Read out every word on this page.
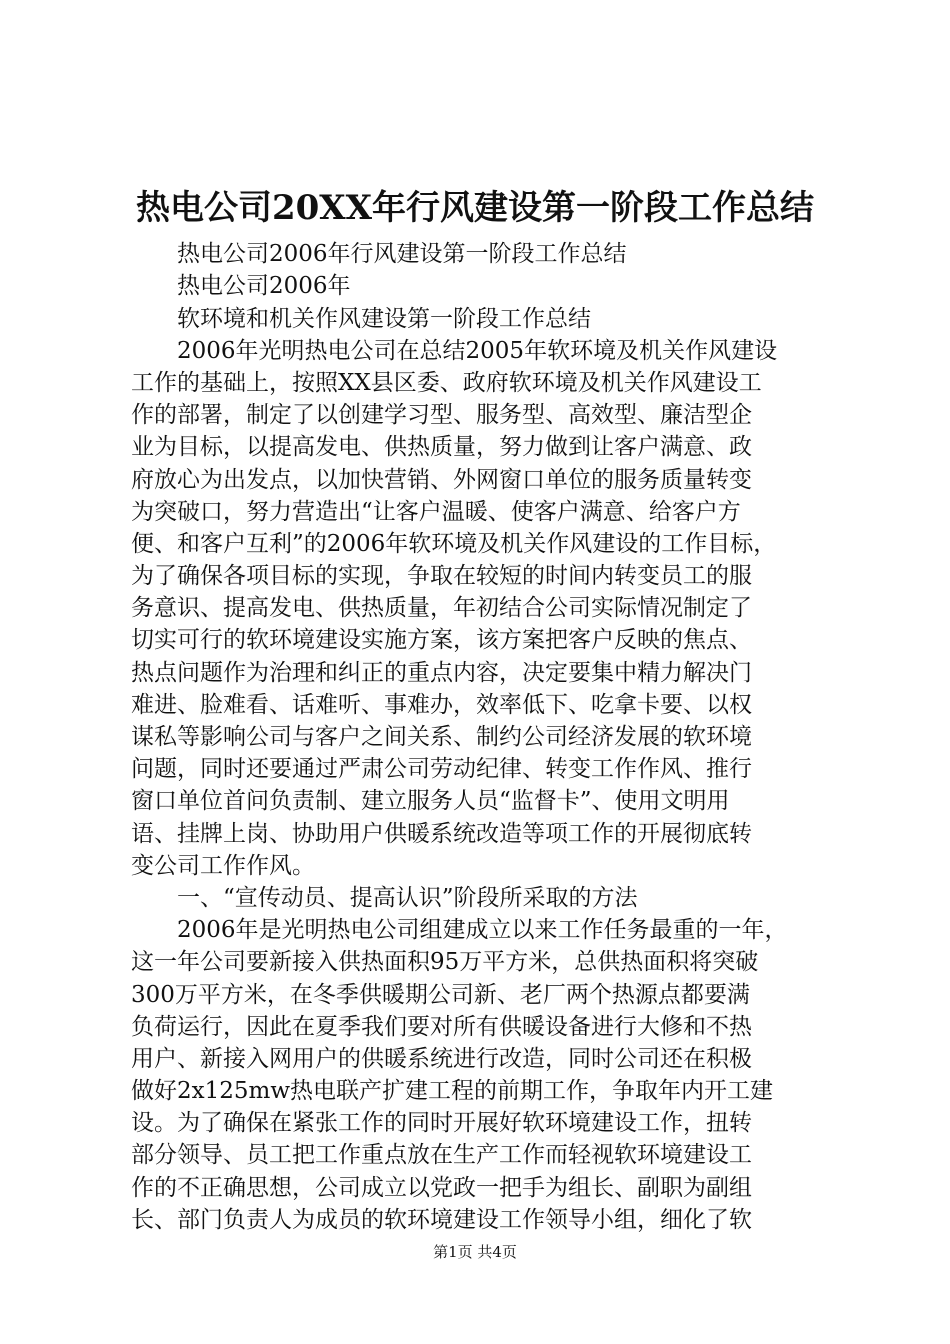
热电公司20XX年行风建设第一阶段工作总结
热电公司2006年行风建设第一阶段工作总结
热电公司2006年
软环境和机关作风建设第一阶段工作总结
2006年光明热电公司在总结2005年软环境及机关作风建设
工作的基础上，按照XX县区委、政府软环境及机关作风建设工
作的部署，制定了以创建学习型、服务型、高效型、廉洁型企
业为目标，以提高发电、供热质量，努力做到让客户满意、政
府放心为出发点，以加快营销、外网窗口单位的服务质量转变
为突破口，努力营造出“让客户温暖、使客户满意、给客户方
便、和客户互利”的2006年软环境及机关作风建设的工作目标，
为了确保各项目标的实现，争取在较短的时间内转变员工的服
务意识、提高发电、供热质量，年初结合公司实际情况制定了
切实可行的软环境建设实施方案，该方案把客户反映的焦点、
热点问题作为治理和纠正的重点内容，决定要集中精力解决门
难进、脸难看、话难听、事难办，效率低下、吃拿卡要、以权
谋私等影响公司与客户之间关系、制约公司经济发展的软环境
问题，同时还要通过严肃公司劳动纪律、转变工作作风、推行
窗口单位首问负责制、建立服务人员“监督卡”、使用文明用
语、挂牌上岗、协助用户供暖系统改造等项工作的开展彻底转
变公司工作作风。
一、“宣传动员、提高认识”阶段所采取的方法
2006年是光明热电公司组建成立以来工作任务最重的一年，
这一年公司要新接入供热面积95万平方米，总供热面积将突破
300万平方米，在冬季供暖期公司新、老厂两个热源点都要满
负荷运行，因此在夏季我们要对所有供暖设备进行大修和不热
用户、新接入网用户的供暖系统进行改造，同时公司还在积极
做好2x125mw热电联产扩建工程的前期工作，争取年内开工建
设。为了确保在紧张工作的同时开展好软环境建设工作，扭转
部分领导、员工把工作重点放在生产工作而轻视软环境建设工
作的不正确思想，公司成立以党政一把手为组长、副职为副组
长、部门负责人为成员的软环境建设工作领导小组，细化了软
第1页 共4页
